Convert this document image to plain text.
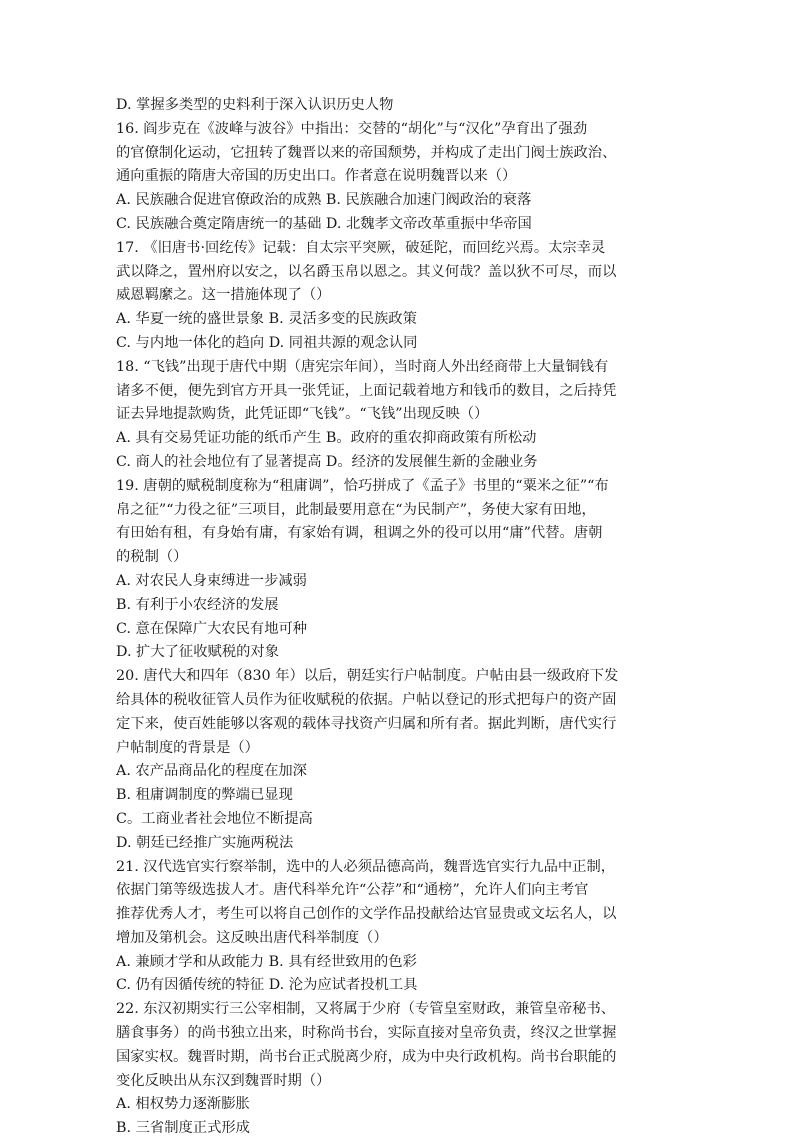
D. 掌握多类型的史料利于深入认识历史人物
16. 阎步克在《波峰与波谷》中指出：交替的“胡化”与“汉化”孕育出了强劲
的官僚制化运动，它扭转了魏晋以来的帝国颓势，并构成了走出门阀士族政治、
通向重振的隋唐大帝国的历史出口。作者意在说明魏晋以来（）
A. 民族融合促进官僚政治的成熟 B. 民族融合加速门阀政治的衰落
C. 民族融合奠定隋唐统一的基础 D. 北魏孝文帝改革重振中华帝国
17. 《旧唐书·回纥传》记载：自太宗平突厥，破延陀，而回纥兴焉。太宗幸灵
武以降之，置州府以安之，以名爵玉帛以恩之。其义何哉？盖以狄不可尽，而以
威恩羁縻之。这一措施体现了（）
A. 华夏一统的盛世景象 B. 灵活多变的民族政策
C. 与内地一体化的趋向 D. 同祖共源的观念认同
18. “飞钱”出现于唐代中期（唐宪宗年间），当时商人外出经商带上大量铜钱有
诸多不便，便先到官方开具一张凭证，上面记载着地方和钱币的数目，之后持凭
证去异地提款购货，此凭证即“飞钱”。“飞钱”出现反映（）
A. 具有交易凭证功能的纸币产生 B。政府的重农抑商政策有所松动
C. 商人的社会地位有了显著提高 D。经济的发展催生新的金融业务
19. 唐朝的赋税制度称为“租庸调”，恰巧拼成了《孟子》书里的“粟米之征”“布
帛之征”“力役之征”三项目，此制最要用意在“为民制产”，务使大家有田地，
有田始有租，有身始有庸，有家始有调，租调之外的役可以用“庸”代替。唐朝
的税制（）
A. 对农民人身束缚进一步减弱
B. 有利于小农经济的发展
C. 意在保障广大农民有地可种
D. 扩大了征收赋税的对象
20. 唐代大和四年（830 年）以后，朝廷实行户帖制度。户帖由县一级政府下发
给具体的税收征管人员作为征收赋税的依据。户帖以登记的形式把每户的资产固
定下来，使百姓能够以客观的载体寻找资产归属和所有者。据此判断，唐代实行
户帖制度的背景是（）
A. 农产品商品化的程度在加深
B. 租庸调制度的弊端已显现
C。工商业者社会地位不断提高
D. 朝廷已经推广实施两税法
21. 汉代选官实行察举制，选中的人必须品德高尚，魏晋选官实行九品中正制，
依据门第等级选拔人才。唐代科举允许“公荐”和“通榜”，允许人们向主考官
推荐优秀人才，考生可以将自己创作的文学作品投献给达官显贵或文坛名人，以
增加及第机会。这反映出唐代科举制度（）
A. 兼顾才学和从政能力 B. 具有经世致用的色彩
C. 仍有因循传统的特征 D. 沦为应试者投机工具
22. 东汉初期实行三公宰相制，又将属于少府（专管皇室财政，兼管皇帝秘书、
膳食事务）的尚书独立出来，时称尚书台，实际直接对皇帝负责，终汉之世掌握
国家实权。魏晋时期，尚书台正式脱离少府，成为中央行政机构。尚书台职能的
变化反映出从东汉到魏晋时期（）
A. 相权势力逐渐膨胀
B. 三省制度正式形成
